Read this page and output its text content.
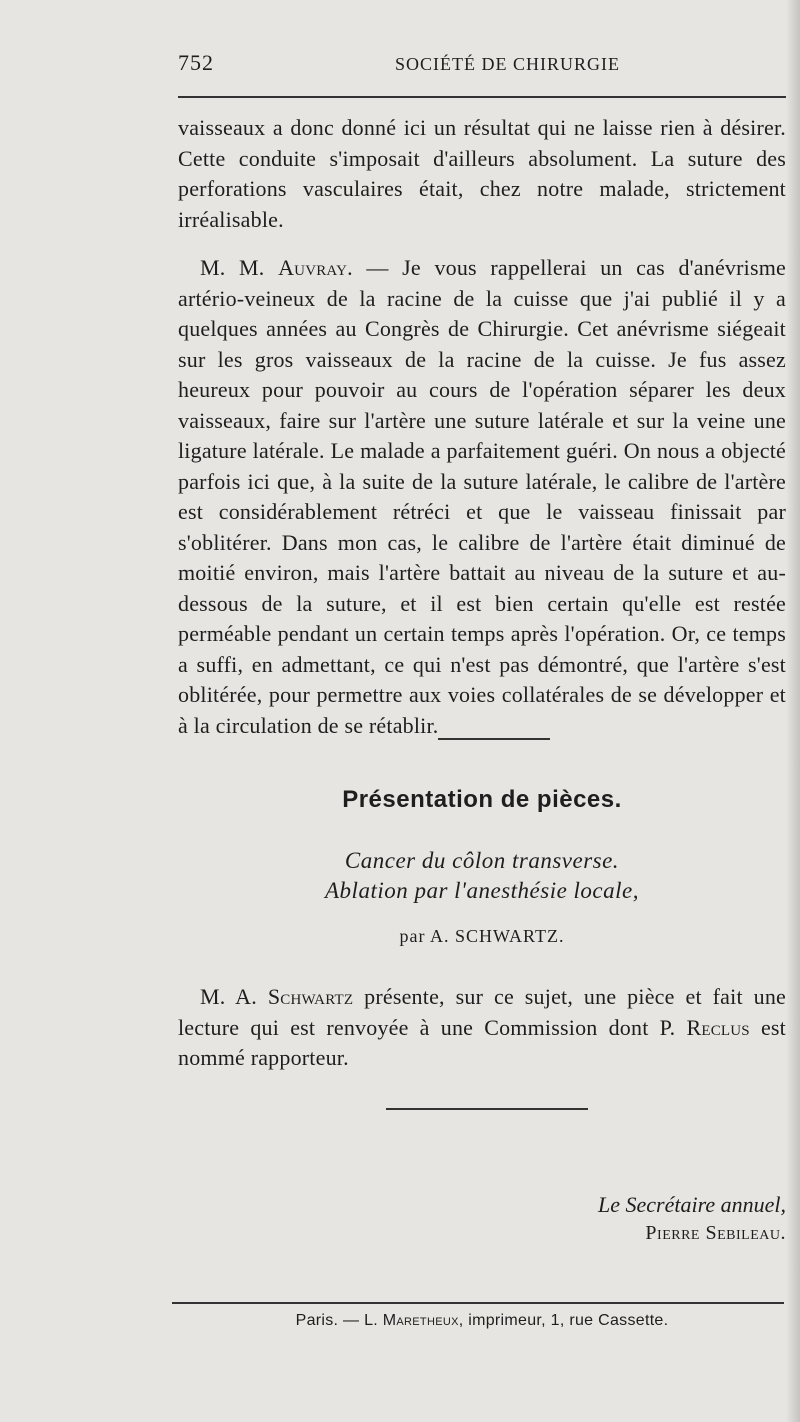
752	SOCIÉTÉ DE CHIRURGIE

vaisseaux a donc donné ici un résultat qui ne laisse rien à désirer. Cette conduite s'imposait d'ailleurs absolument. La suture des perforations vasculaires était, chez notre malade, strictement irréalisable.

M. M. Auvray. — Je vous rappellerai un cas d'anévrisme artério-veineux de la racine de la cuisse que j'ai publié il y a quelques années au Congrès de Chirurgie. Cet anévrisme siégeait sur les gros vaisseaux de la racine de la cuisse. Je fus assez heureux pour pouvoir au cours de l'opération séparer les deux vaisseaux, faire sur l'artère une suture latérale et sur la veine une ligature latérale. Le malade a parfaitement guéri. On nous a objecté parfois ici que, à la suite de la suture latérale, le calibre de l'artère est considérablement rétréci et que le vaisseau finissait par s'oblitérer. Dans mon cas, le calibre de l'artère était diminué de moitié environ, mais l'artère battait au niveau de la suture et au-dessous de la suture, et il est bien certain qu'elle est restée perméable pendant un certain temps après l'opération. Or, ce temps a suffi, en admettant, ce qui n'est pas démontré, que l'artère s'est oblitérée, pour permettre aux voies collatérales de se développer et à la circulation de se rétablir.

Présentation de pièces.
Cancer du côlon transverse.
Ablation par l'anesthésie locale,
par A. SCHWARTZ.

M. A. Schwartz présente, sur ce sujet, une pièce et fait une lecture qui est renvoyée à une Commission dont P. Reclus est nommé rapporteur.

Le Secrétaire annuel,
Pierre Sebileau.
Paris. — L. Maretheux, imprimeur, 1, rue Cassette.
